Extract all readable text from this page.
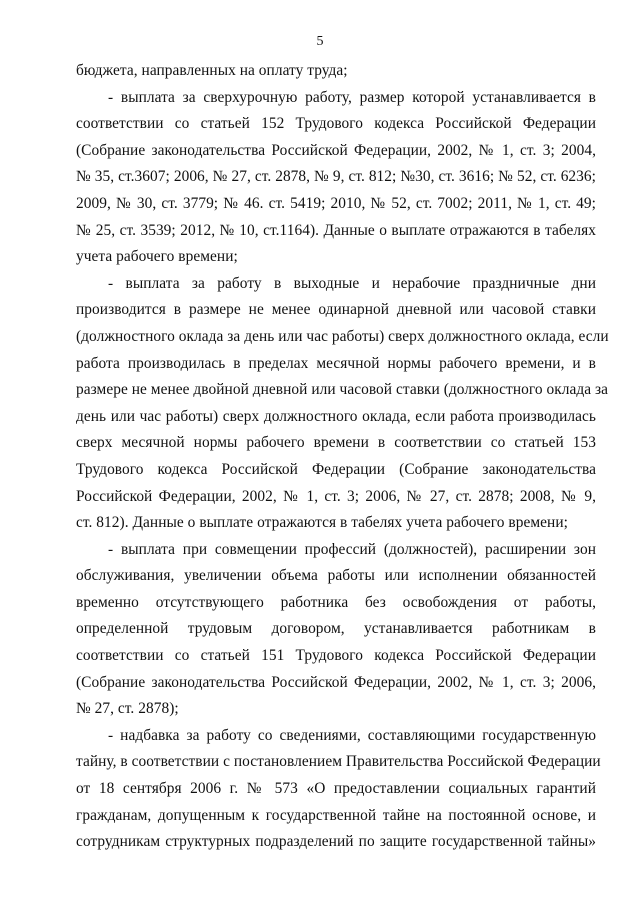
5
бюджета, направленных на оплату труда;
- выплата за сверхурочную работу, размер которой устанавливается в
соответствии со статьей 152 Трудового кодекса Российской Федерации
(Собрание законодательства Российской Федерации, 2002, № 1, ст. 3; 2004,
№ 35, ст.3607; 2006, № 27, ст. 2878, № 9, ст. 812; №30, ст. 3616; № 52, ст. 6236;
2009, № 30, ст. 3779; № 46. ст. 5419; 2010, № 52, ст. 7002; 2011, № 1, ст. 49;
№ 25, ст. 3539; 2012, № 10, ст.1164). Данные о выплате отражаются в табелях
учета рабочего времени;
- выплата за работу в выходные и нерабочие праздничные дни
производится в размере не менее одинарной дневной или часовой ставки
(должностного оклада за день или час работы) сверх должностного оклада, если
работа производилась в пределах месячной нормы рабочего времени, и в
размере не менее двойной дневной или часовой ставки (должностного оклада за
день или час работы) сверх должностного оклада, если работа производилась
сверх месячной нормы рабочего времени в соответствии со статьей 153
Трудового кодекса Российской Федерации (Собрание законодательства
Российской Федерации, 2002, № 1, ст. 3; 2006, № 27, ст. 2878; 2008, № 9,
ст. 812). Данные о выплате отражаются в табелях учета рабочего времени;
- выплата при совмещении профессий (должностей), расширении зон
обслуживания, увеличении объема работы или исполнении обязанностей
временно отсутствующего работника без освобождения от работы,
определенной трудовым договором, устанавливается работникам в
соответствии со статьей 151 Трудового кодекса Российской Федерации
(Собрание законодательства Российской Федерации, 2002, № 1, ст. 3; 2006,
№ 27, ст. 2878);
- надбавка за работу со сведениями, составляющими государственную
тайну, в соответствии с постановлением Правительства Российской Федерации
от 18 сентября 2006 г. № 573 «О предоставлении социальных гарантий
гражданам, допущенным к государственной тайне на постоянной основе, и
сотрудникам структурных подразделений по защите государственной тайны»
